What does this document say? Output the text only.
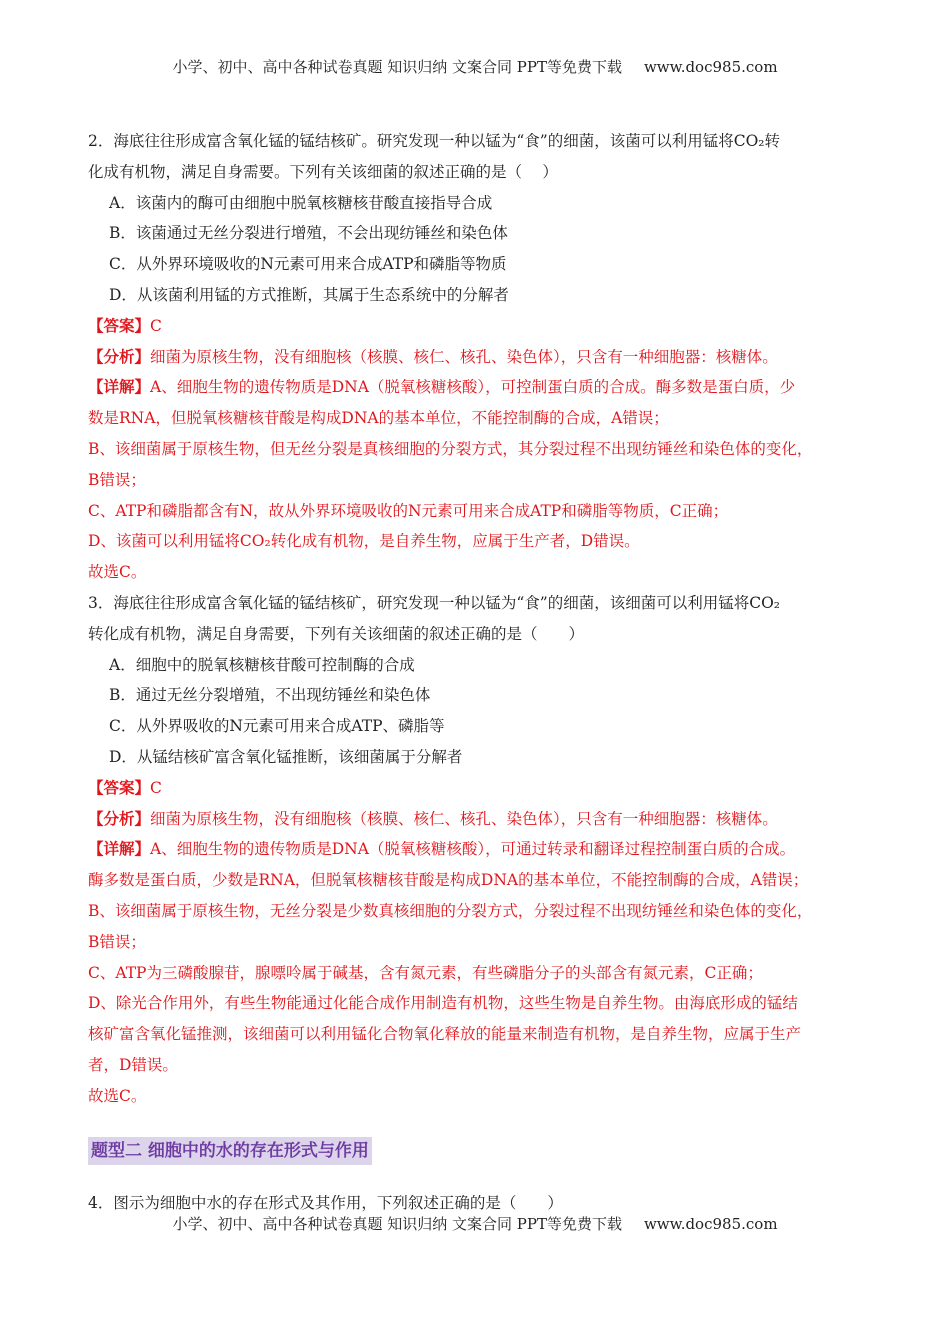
小学、初中、高中各种试卷真题 知识归纳 文案合同 PPT等免费下载 www.doc985.com
2．海底往往形成富含氧化锰的锰结核矿。研究发现一种以锰为“食”的细菌，该菌可以利用锰将CO₂转
化成有机物，满足自身需要。下列有关该细菌的叙述正确的是（　 ）
A．该菌内的酶可由细胞中脱氧核糖核苷酸直接指导合成
B．该菌通过无丝分裂进行增殖，不会出现纺锤丝和染色体
C．从外界环境吸收的N元素可用来合成ATP和磷脂等物质
D．从该菌利用锰的方式推断，其属于生态系统中的分解者
【答案】C
【分析】细菌为原核生物，没有细胞核（核膜、核仁、核孔、染色体），只含有一种细胞器：核糖体。
【详解】A、细胞生物的遗传物质是DNA（脱氧核糖核酸），可控制蛋白质的合成。酶多数是蛋白质，少
数是RNA，但脱氧核糖核苷酸是构成DNA的基本单位，不能控制酶的合成，A错误；
B、该细菌属于原核生物，但无丝分裂是真核细胞的分裂方式，其分裂过程不出现纺锤丝和染色体的变化，
B错误；
C、ATP和磷脂都含有N，故从外界环境吸收的N元素可用来合成ATP和磷脂等物质，C正确；
D、该菌可以利用锰将CO₂转化成有机物，是自养生物，应属于生产者，D错误。
故选C。
3．海底往往形成富含氧化锰的锰结核矿，研究发现一种以锰为“食”的细菌，该细菌可以利用锰将CO₂
转化成有机物，满足自身需要，下列有关该细菌的叙述正确的是（　　）
A．细胞中的脱氧核糖核苷酸可控制酶的合成
B．通过无丝分裂增殖，不出现纺锤丝和染色体
C．从外界吸收的N元素可用来合成ATP、磷脂等
D．从锰结核矿富含氧化锰推断，该细菌属于分解者
【答案】C
【分析】细菌为原核生物，没有细胞核（核膜、核仁、核孔、染色体），只含有一种细胞器：核糖体。
【详解】A、细胞生物的遗传物质是DNA（脱氧核糖核酸），可通过转录和翻译过程控制蛋白质的合成。
酶多数是蛋白质，少数是RNA，但脱氧核糖核苷酸是构成DNA的基本单位，不能控制酶的合成，A错误；
B、该细菌属于原核生物，无丝分裂是少数真核细胞的分裂方式，分裂过程不出现纺锤丝和染色体的变化，
B错误；
C、ATP为三磷酸腺苷，腺嘌呤属于碱基，含有氮元素，有些磷脂分子的头部含有氮元素，C正确；
D、除光合作用外，有些生物能通过化能合成作用制造有机物，这些生物是自养生物。由海底形成的锰结
核矿富含氧化锰推测，该细菌可以利用锰化合物氧化释放的能量来制造有机物，是自养生物，应属于生产
者，D错误。
故选C。
题型二 细胞中的水的存在形式与作用
4．图示为细胞中水的存在形式及其作用，下列叙述正确的是（　　）
小学、初中、高中各种试卷真题 知识归纳 文案合同 PPT等免费下载 www.doc985.com
